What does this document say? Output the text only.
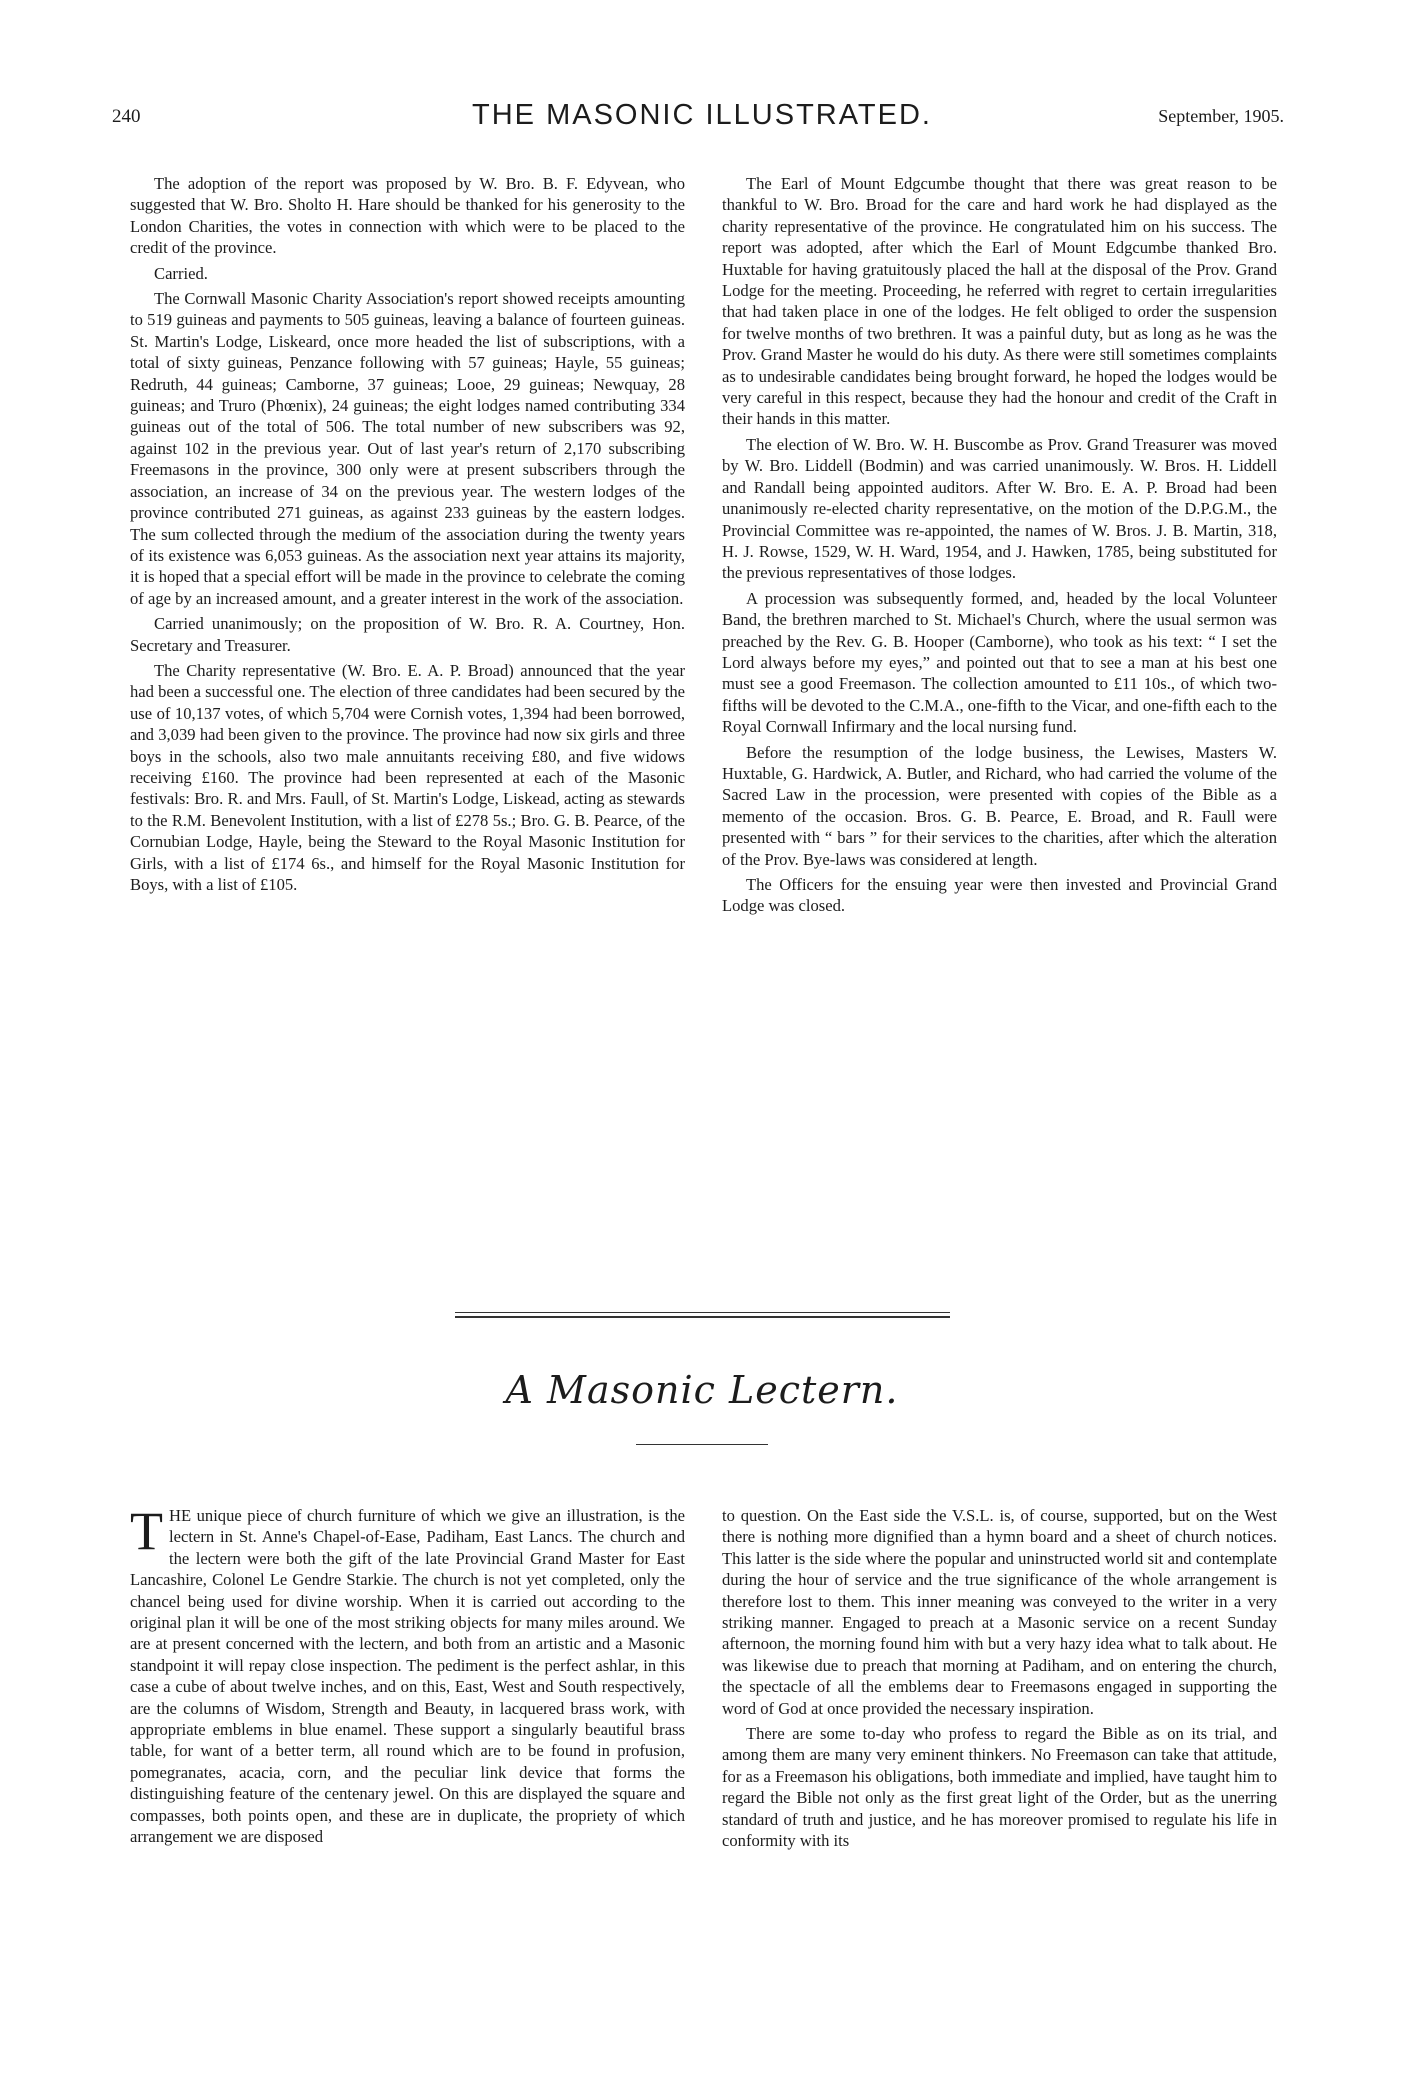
240	THE MASONIC ILLUSTRATED.	September, 1905.

The adoption of the report was proposed by W. Bro. B. F. Edyvean, who suggested that W. Bro. Sholto H. Hare should be thanked for his generosity to the London Charities, the votes in connection with which were to be placed to the credit of the province.

Carried.

The Cornwall Masonic Charity Association's report showed receipts amounting to 519 guineas and payments to 505 guineas, leaving a balance of fourteen guineas. St. Martin's Lodge, Liskeard, once more headed the list of subscriptions, with a total of sixty guineas, Penzance following with 57 guineas; Hayle, 55 guineas; Redruth, 44 guineas; Camborne, 37 guineas; Looe, 29 guineas; Newquay, 28 guineas; and Truro (Phœnix), 24 guineas; the eight lodges named contributing 334 guineas out of the total of 506. The total number of new subscribers was 92, against 102 in the previous year. Out of last year's return of 2,170 subscribing Freemasons in the province, 300 only were at present subscribers through the association, an increase of 34 on the previous year. The western lodges of the province contributed 271 guineas, as against 233 guineas by the eastern lodges. The sum collected through the medium of the association during the twenty years of its existence was 6,053 guineas. As the association next year attains its majority, it is hoped that a special effort will be made in the province to celebrate the coming of age by an increased amount, and a greater interest in the work of the association.

Carried unanimously; on the proposition of W. Bro. R. A. Courtney, Hon. Secretary and Treasurer.

The Charity representative (W. Bro. E. A. P. Broad) announced that the year had been a successful one. The election of three candidates had been secured by the use of 10,137 votes, of which 5,704 were Cornish votes, 1,394 had been borrowed, and 3,039 had been given to the province. The province had now six girls and three boys in the schools, also two male annuitants receiving £80, and five widows receiving £160. The province had been represented at each of the Masonic festivals: Bro. R. and Mrs. Faull, of St. Martin's Lodge, Liskead, acting as stewards to the R.M. Benevolent Institution, with a list of £278 5s.; Bro. G. B. Pearce, of the Cornubian Lodge, Hayle, being the Steward to the Royal Masonic Institution for Girls, with a list of £174 6s., and himself for the Royal Masonic Institution for Boys, with a list of £105.

The Earl of Mount Edgcumbe thought that there was great reason to be thankful to W. Bro. Broad for the care and hard work he had displayed as the charity representative of the province. He congratulated him on his success. The report was adopted, after which the Earl of Mount Edgcumbe thanked Bro. Huxtable for having gratuitously placed the hall at the disposal of the Prov. Grand Lodge for the meeting. Proceeding, he referred with regret to certain irregularities that had taken place in one of the lodges. He felt obliged to order the suspension for twelve months of two brethren. It was a painful duty, but as long as he was the Prov. Grand Master he would do his duty. As there were still sometimes complaints as to undesirable candidates being brought forward, he hoped the lodges would be very careful in this respect, because they had the honour and credit of the Craft in their hands in this matter.

The election of W. Bro. W. H. Buscombe as Prov. Grand Treasurer was moved by W. Bro. Liddell (Bodmin) and was carried unanimously. W. Bros. H. Liddell and Randall being appointed auditors. After W. Bro. E. A. P. Broad had been unanimously re-elected charity representative, on the motion of the D.P.G.M., the Provincial Committee was re-appointed, the names of W. Bros. J. B. Martin, 318, H. J. Rowse, 1529, W. H. Ward, 1954, and J. Hawken, 1785, being substituted for the previous representatives of those lodges.

A procession was subsequently formed, and, headed by the local Volunteer Band, the brethren marched to St. Michael's Church, where the usual sermon was preached by the Rev. G. B. Hooper (Camborne), who took as his text: “ I set the Lord always before my eyes,” and pointed out that to see a man at his best one must see a good Freemason. The collection amounted to £11 10s., of which two-fifths will be devoted to the C.M.A., one-fifth to the Vicar, and one-fifth each to the Royal Cornwall Infirmary and the local nursing fund.

Before the resumption of the lodge business, the Lewises, Masters W. Huxtable, G. Hardwick, A. Butler, and Richard, who had carried the volume of the Sacred Law in the procession, were presented with copies of the Bible as a memento of the occasion. Bros. G. B. Pearce, E. Broad, and R. Faull were presented with “ bars ” for their services to the charities, after which the alteration of the Prov. Bye-laws was considered at length.

The Officers for the ensuing year were then invested and Provincial Grand Lodge was closed.

A Masonic Lectern.

THE unique piece of church furniture of which we give an illustration, is the lectern in St. Anne's Chapel-of-Ease, Padiham, East Lancs. The church and the lectern were both the gift of the late Provincial Grand Master for East Lancashire, Colonel Le Gendre Starkie. The church is not yet completed, only the chancel being used for divine worship. When it is carried out according to the original plan it will be one of the most striking objects for many miles around. We are at present concerned with the lectern, and both from an artistic and a Masonic standpoint it will repay close inspection. The pediment is the perfect ashlar, in this case a cube of about twelve inches, and on this, East, West and South respectively, are the columns of Wisdom, Strength and Beauty, in lacquered brass work, with appropriate emblems in blue enamel. These support a singularly beautiful brass table, for want of a better term, all round which are to be found in profusion, pomegranates, acacia, corn, and the peculiar link device that forms the distinguishing feature of the centenary jewel. On this are displayed the square and compasses, both points open, and these are in duplicate, the propriety of which arrangement we are disposed

to question. On the East side the V.S.L. is, of course, supported, but on the West there is nothing more dignified than a hymn board and a sheet of church notices. This latter is the side where the popular and uninstructed world sit and contemplate during the hour of service and the true significance of the whole arrangement is therefore lost to them. This inner meaning was conveyed to the writer in a very striking manner. Engaged to preach at a Masonic service on a recent Sunday afternoon, the morning found him with but a very hazy idea what to talk about. He was likewise due to preach that morning at Padiham, and on entering the church, the spectacle of all the emblems dear to Freemasons engaged in supporting the word of God at once provided the necessary inspiration.

There are some to-day who profess to regard the Bible as on its trial, and among them are many very eminent thinkers. No Freemason can take that attitude, for as a Freemason his obligations, both immediate and implied, have taught him to regard the Bible not only as the first great light of the Order, but as the unerring standard of truth and justice, and he has moreover promised to regulate his life in conformity with its
